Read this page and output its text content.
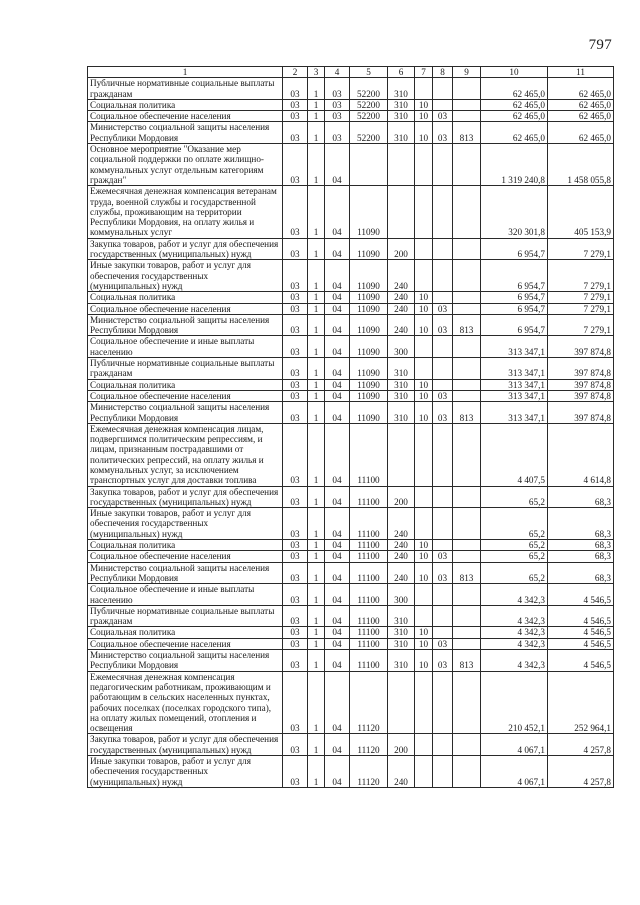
797
1	2	3	4	5	6	7	8	9	10	11
Публичные нормативные социальные выплаты гражданам	03	1	03	52200	310				62 465,0	62 465,0
Социальная политика	03	1	03	52200	310	10			62 465,0	62 465,0
Социальное обеспечение населения	03	1	03	52200	310	10	03		62 465,0	62 465,0
Министерство социальной защиты населения Республики Мордовия	03	1	03	52200	310	10	03	813	62 465,0	62 465,0
Основное мероприятие "Оказание мер социальной поддержки по оплате жилищно-коммунальных услуг отдельным категориям граждан"	03	1	04						1 319 240,8	1 458 055,8
Ежемесячная денежная компенсация ветеранам труда, военной службы и государственной службы, проживающим на территории Республики Мордовия, на оплату жилья и коммунальных услуг	03	1	04	11090					320 301,8	405 153,9
Закупка товаров, работ и услуг для обеспечения государственных (муниципальных) нужд	03	1	04	11090	200				6 954,7	7 279,1
Иные закупки товаров, работ и услуг для обеспечения государственных (муниципальных) нужд	03	1	04	11090	240				6 954,7	7 279,1
Социальная политика	03	1	04	11090	240	10			6 954,7	7 279,1
Социальное обеспечение населения	03	1	04	11090	240	10	03		6 954,7	7 279,1
Министерство социальной защиты населения Республики Мордовия	03	1	04	11090	240	10	03	813	6 954,7	7 279,1
Социальное обеспечение и иные выплаты населению	03	1	04	11090	300				313 347,1	397 874,8
Публичные нормативные социальные выплаты гражданам	03	1	04	11090	310				313 347,1	397 874,8
Социальная политика	03	1	04	11090	310	10			313 347,1	397 874,8
Социальное обеспечение населения	03	1	04	11090	310	10	03		313 347,1	397 874,8
Министерство социальной защиты населения Республики Мордовия	03	1	04	11090	310	10	03	813	313 347,1	397 874,8
Ежемесячная денежная компенсация лицам, подвергшимся политическим репрессиям, и лицам, признанным пострадавшими от политических репрессий, на оплату жилья и коммунальных услуг, за исключением транспортных услуг для доставки топлива	03	1	04	11100					4 407,5	4 614,8
Закупка товаров, работ и услуг для обеспечения государственных (муниципальных) нужд	03	1	04	11100	200				65,2	68,3
Иные закупки товаров, работ и услуг для обеспечения государственных (муниципальных) нужд	03	1	04	11100	240				65,2	68,3
Социальная политика	03	1	04	11100	240	10			65,2	68,3
Социальное обеспечение населения	03	1	04	11100	240	10	03		65,2	68,3
Министерство социальной защиты населения Республики Мордовия	03	1	04	11100	240	10	03	813	65,2	68,3
Социальное обеспечение и иные выплаты населению	03	1	04	11100	300				4 342,3	4 546,5
Публичные нормативные социальные выплаты гражданам	03	1	04	11100	310				4 342,3	4 546,5
Социальная политика	03	1	04	11100	310	10			4 342,3	4 546,5
Социальное обеспечение населения	03	1	04	11100	310	10	03		4 342,3	4 546,5
Министерство социальной защиты населения Республики Мордовия	03	1	04	11100	310	10	03	813	4 342,3	4 546,5
Ежемесячная денежная компенсация педагогическим работникам, проживающим и работающим в сельских населенных пунктах, рабочих поселках (поселках городского типа), на оплату жилых помещений, отопления и освещения	03	1	04	11120					210 452,1	252 964,1
Закупка товаров, работ и услуг для обеспечения государственных (муниципальных) нужд	03	1	04	11120	200				4 067,1	4 257,8
Иные закупки товаров, работ и услуг для обеспечения государственных (муниципальных) нужд	03	1	04	11120	240				4 067,1	4 257,8
